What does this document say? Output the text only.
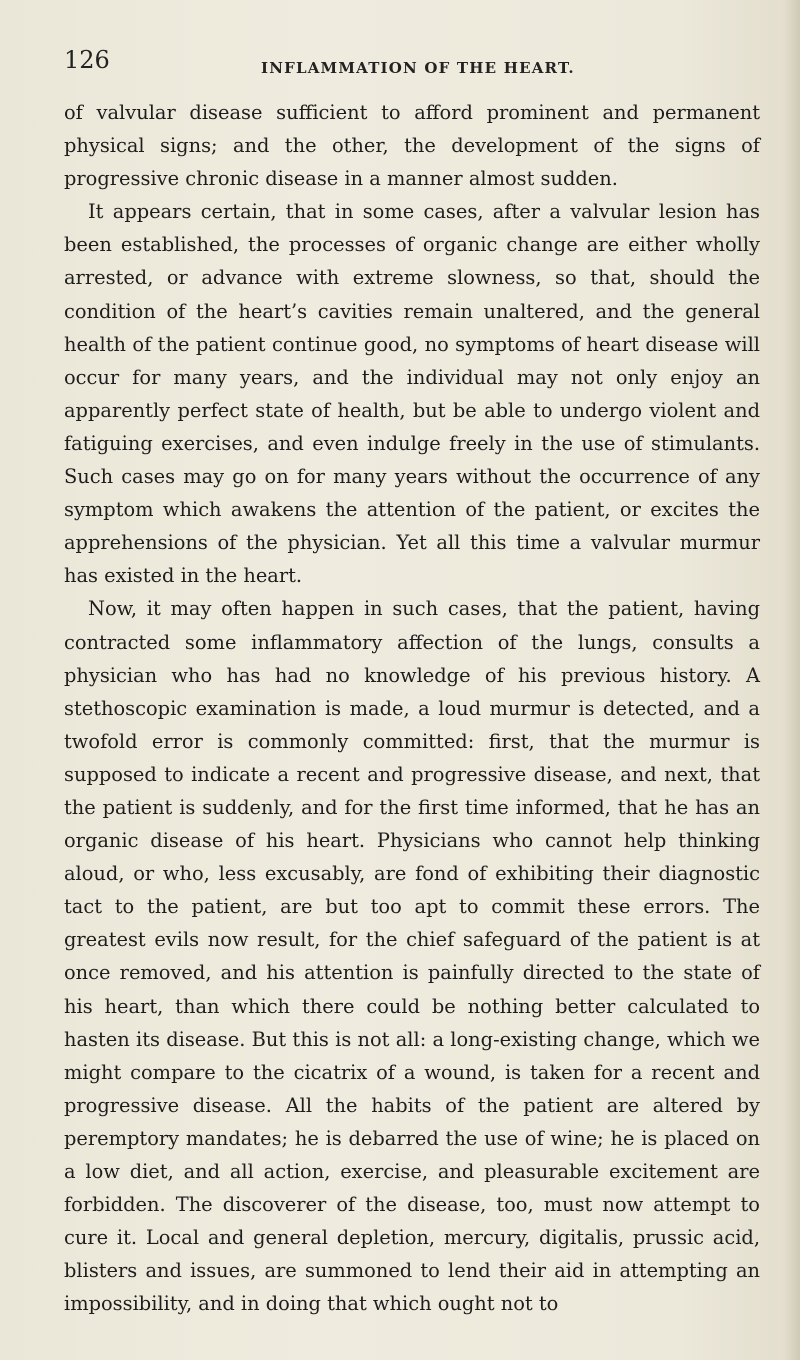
126	INFLAMMATION OF THE HEART.

of valvular disease sufficient to afford prominent and permanent physical signs; and the other, the development of the signs of progressive chronic disease in a manner almost sudden.

It appears certain, that in some cases, after a valvular lesion has been established, the processes of organic change are either wholly arrested, or advance with extreme slowness, so that, should the condition of the heart’s cavities remain unaltered, and the general health of the patient continue good, no symptoms of heart disease will occur for many years, and the individual may not only enjoy an apparently perfect state of health, but be able to undergo violent and fatiguing exercises, and even indulge freely in the use of stimulants. Such cases may go on for many years without the occurrence of any symptom which awakens the attention of the patient, or excites the apprehensions of the physician. Yet all this time a valvular murmur has existed in the heart.

Now, it may often happen in such cases, that the patient, having contracted some inflammatory affection of the lungs, consults a physician who has had no knowledge of his previous history. A stethoscopic examination is made, a loud murmur is detected, and a twofold error is commonly committed: first, that the murmur is supposed to indicate a recent and progressive disease, and next, that the patient is suddenly, and for the first time informed, that he has an organic disease of his heart. Physicians who cannot help thinking aloud, or who, less excusably, are fond of exhibiting their diagnostic tact to the patient, are but too apt to commit these errors. The greatest evils now result, for the chief safeguard of the patient is at once removed, and his attention is painfully directed to the state of his heart, than which there could be nothing better calculated to hasten its disease. But this is not all: a long-existing change, which we might compare to the cicatrix of a wound, is taken for a recent and progressive disease. All the habits of the patient are altered by peremptory mandates; he is debarred the use of wine; he is placed on a low diet, and all action, exercise, and pleasurable excitement are forbidden. The discoverer of the disease, too, must now attempt to cure it. Local and general depletion, mercury, digitalis, prussic acid, blisters and issues, are summoned to lend their aid in attempting an impossibility, and in doing that which ought not to
